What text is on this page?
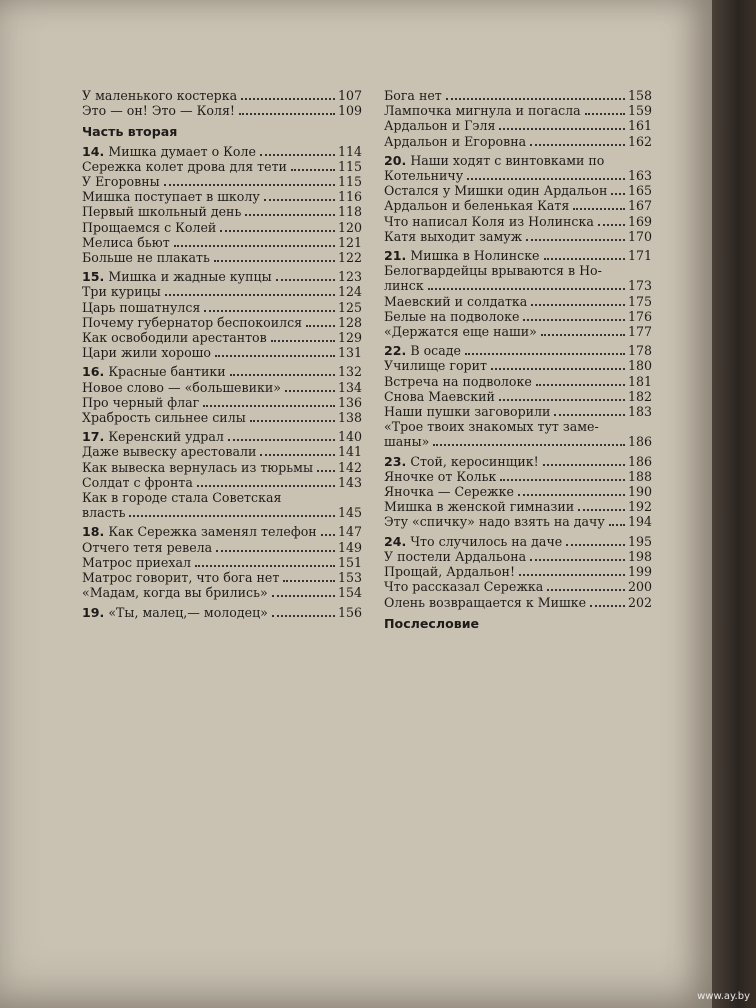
У маленького костерка	107
Это — он! Это — Коля!	109
Часть вторая
14. Мишка думает о Коле	114
Сережка колет дрова для тети	115
У Егоровны	115
Мишка поступает в школу	116
Первый школьный день	118
Прощаемся с Колей	120
Мелиса бьют	121
Больше не плакать	122
15. Мишка и жадные купцы	123
Три курицы	124
Царь пошатнулся	125
Почему губернатор беспокоился	128
Как освободили арестантов	129
Цари жили хорошо	131
16. Красные бантики	132
Новое слово — «большевики»	134
Про черный флаг	136
Храбрость сильнее силы	138
17. Керенский удрал	140
Даже вывеску арестовали	141
Как вывеска вернулась из тюрьмы 142
Солдат с фронта	143
Как в городе стала Советская
власть	145
18. Как Сережка заменял телефон 147
Отчего тетя ревела	149
Матрос приехал	151
Матрос говорит, что бога нет	153
«Мадам, когда вы брились»	154
19. «Ты, малец,— молодец»	156
Бога нет	158
Лампочка мигнула и погасла	159
Ардальон и Гэля	161
Ардальон и Егоровна	162
20. Наши ходят с винтовками по
Котельничу	163
Остался у Мишки один Ардальон 165
Ардальон и беленькая Катя	167
Что написал Коля из Нолинска	169
Катя выходит замуж	170
21. Мишка в Нолинске	171
Белогвардейцы врываются в Но-
линск	173
Маевский и солдатка	175
Белые на подволоке	176
«Держатся еще наши»	177
22. В осаде	178
Училище горит	180
Встреча на подволоке	181
Снова Маевский	182
Наши пушки заговорили	183
«Трое твоих знакомых тут замe-
шаны»	186
23. Стой, керосинщик!	186
Яночке от Кольк	188
Яночка — Сережке	190
Мишка в женской гимназии	192
Эту «спичку» надо взять на дачу 194
24. Что случилось на даче	195
У постели Ардальона	198
Прощай, Ардальон!	199
Что рассказал Сережка	200
Олень возвращается к Мишке	202
Послесловие
www.ay.by
